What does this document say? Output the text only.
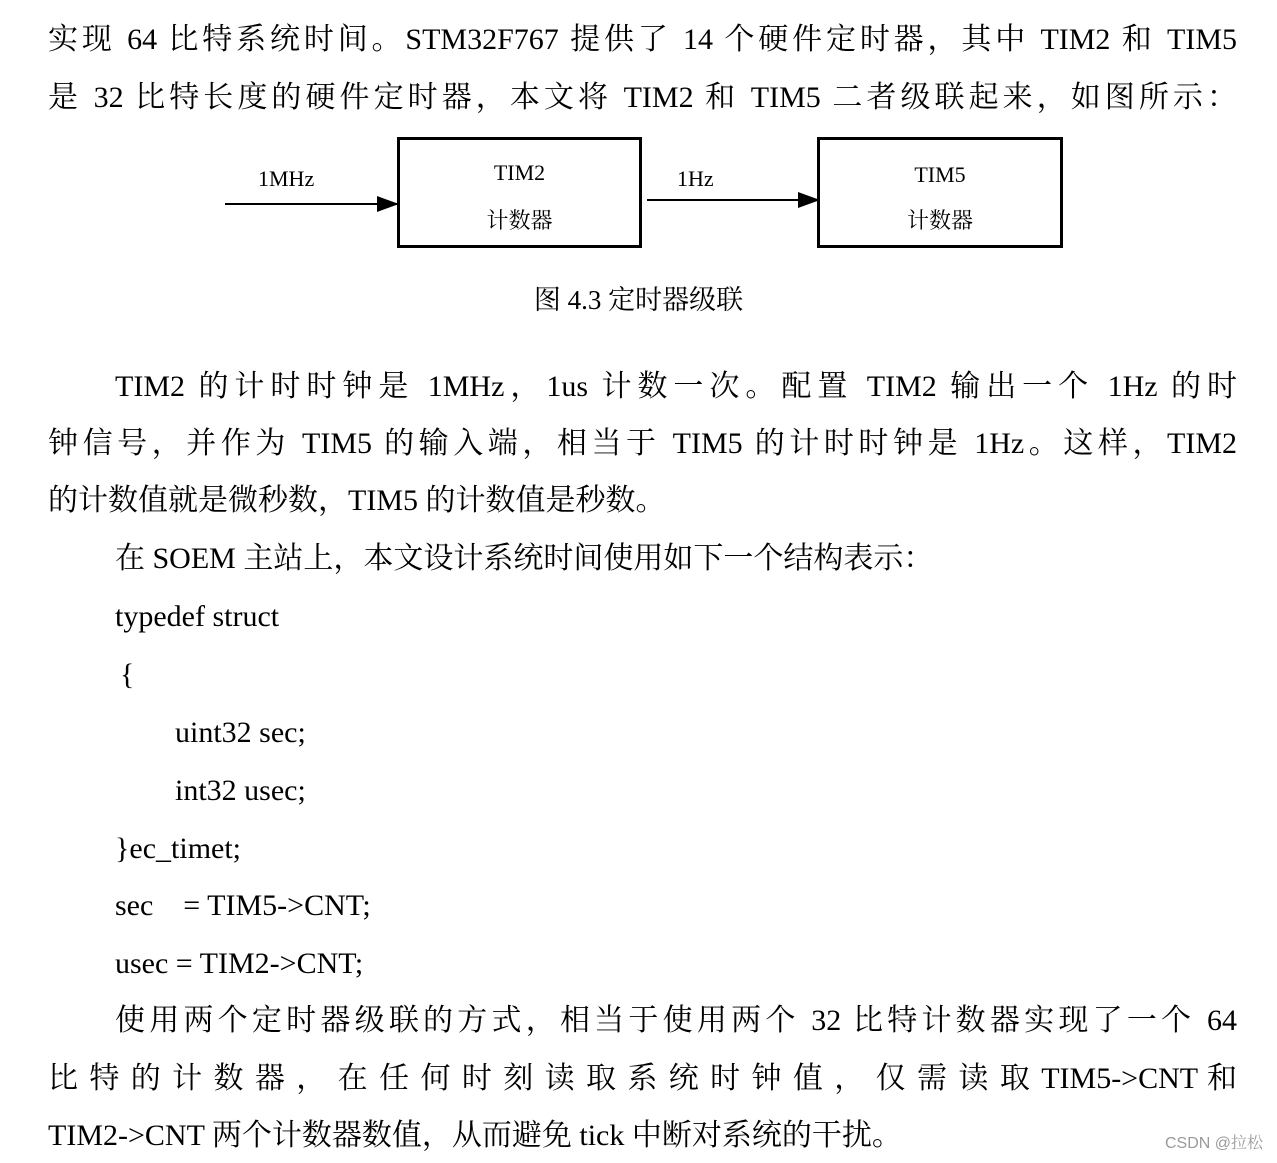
实现 64 比特系统时间。STM32F767 提供了 14 个硬件定时器，其中 TIM2 和 TIM5
是 32 比特长度的硬件定时器，本文将 TIM2 和 TIM5 二者级联起来，如图所示：
1MHz	TIM2
计数器
1Hz	TIM5
计数器
图 4.3 定时器级联
TIM2 的计时时钟是 1MHz，1us 计数一次。配置 TIM2 输出一个 1Hz 的时
钟信号，并作为 TIM5 的输入端，相当于 TIM5 的计时时钟是 1Hz。这样，TIM2
的计数值就是微秒数，TIM5 的计数值是秒数。
在 SOEM 主站上，本文设计系统时间使用如下一个结构表示：
typedef struct
{
uint32 sec;
int32 usec;
}ec_timet;
sec    = TIM5->CNT;
usec = TIM2->CNT;
使用两个定时器级联的方式，相当于使用两个 32 比特计数器实现了一个 64
比 特 的 计 数 器 ， 在 任 何 时 刻 读 取 系 统 时 钟 值 ， 仅 需 读 取 TIM5->CNT 和
TIM2->CNT 两个计数器数值，从而避免 tick 中断对系统的干扰。	CSDN @拉松
